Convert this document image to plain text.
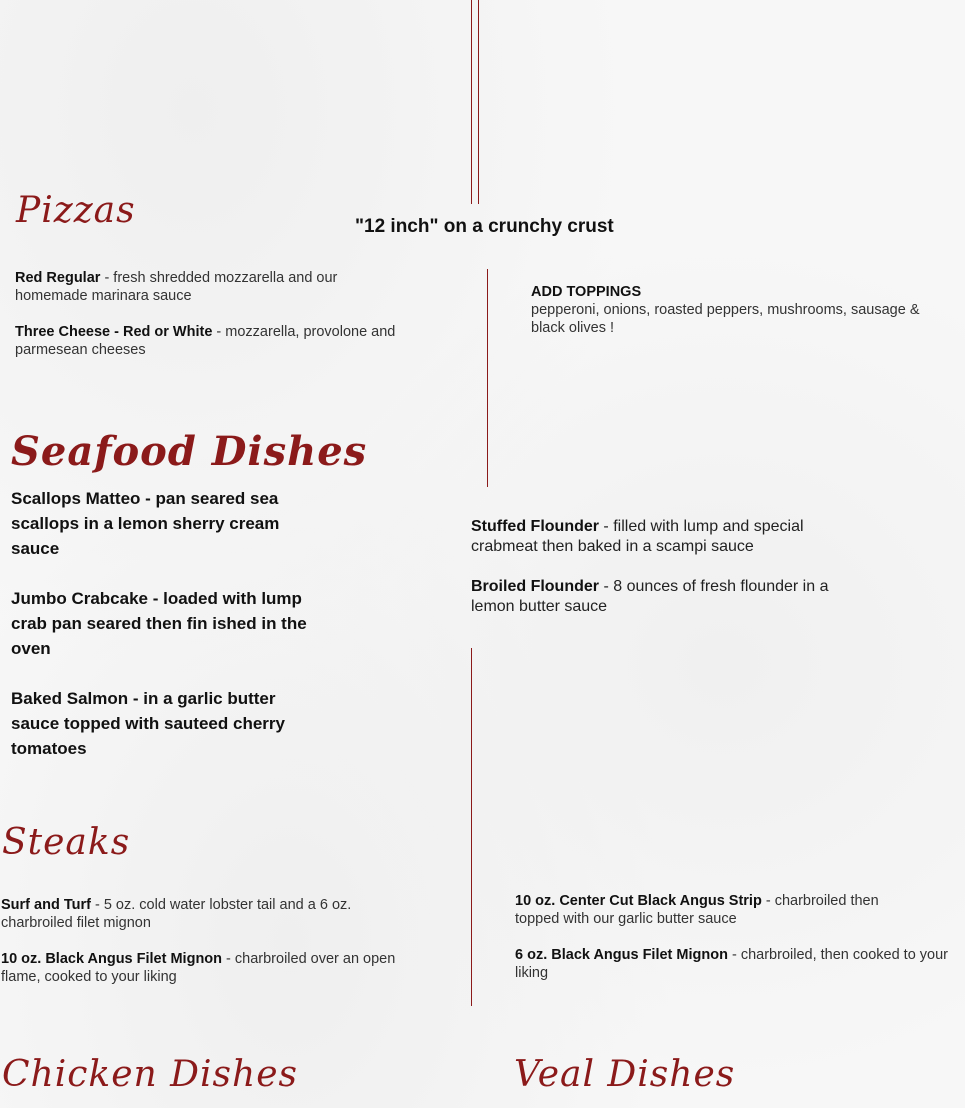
Pizzas	"12 inch" on a crunchy crust
Red Regular - fresh shredded mozzarella and our homemade marinara sauce
Three Cheese - Red or White - mozzarella, provolone and parmesean cheeses
ADD TOPPINGS
pepperoni, onions, roasted peppers, mushrooms, sausage & black olives !
Seafood Dishes
Scallops Matteo - pan seared sea scallops in a lemon sherry cream sauce
Jumbo Crabcake - loaded with lump crab pan seared then fin ished in the oven
Baked Salmon - in a garlic butter sauce topped with sauteed cherry tomatoes
Stuffed Flounder - filled with lump and special crabmeat then baked in a scampi sauce
Broiled Flounder - 8 ounces of fresh flounder in a lemon butter sauce
Steaks
Surf and Turf - 5 oz. cold water lobster tail and a 6 oz. charbroiled filet mignon
10 oz. Black Angus Filet Mignon - charbroiled over an open flame, cooked to your liking
10 oz. Center Cut Black Angus Strip - charbroiled then topped with our garlic butter sauce
6 oz. Black Angus Filet Mignon - charbroiled, then cooked to your liking
Chicken Dishes	Veal Dishes
